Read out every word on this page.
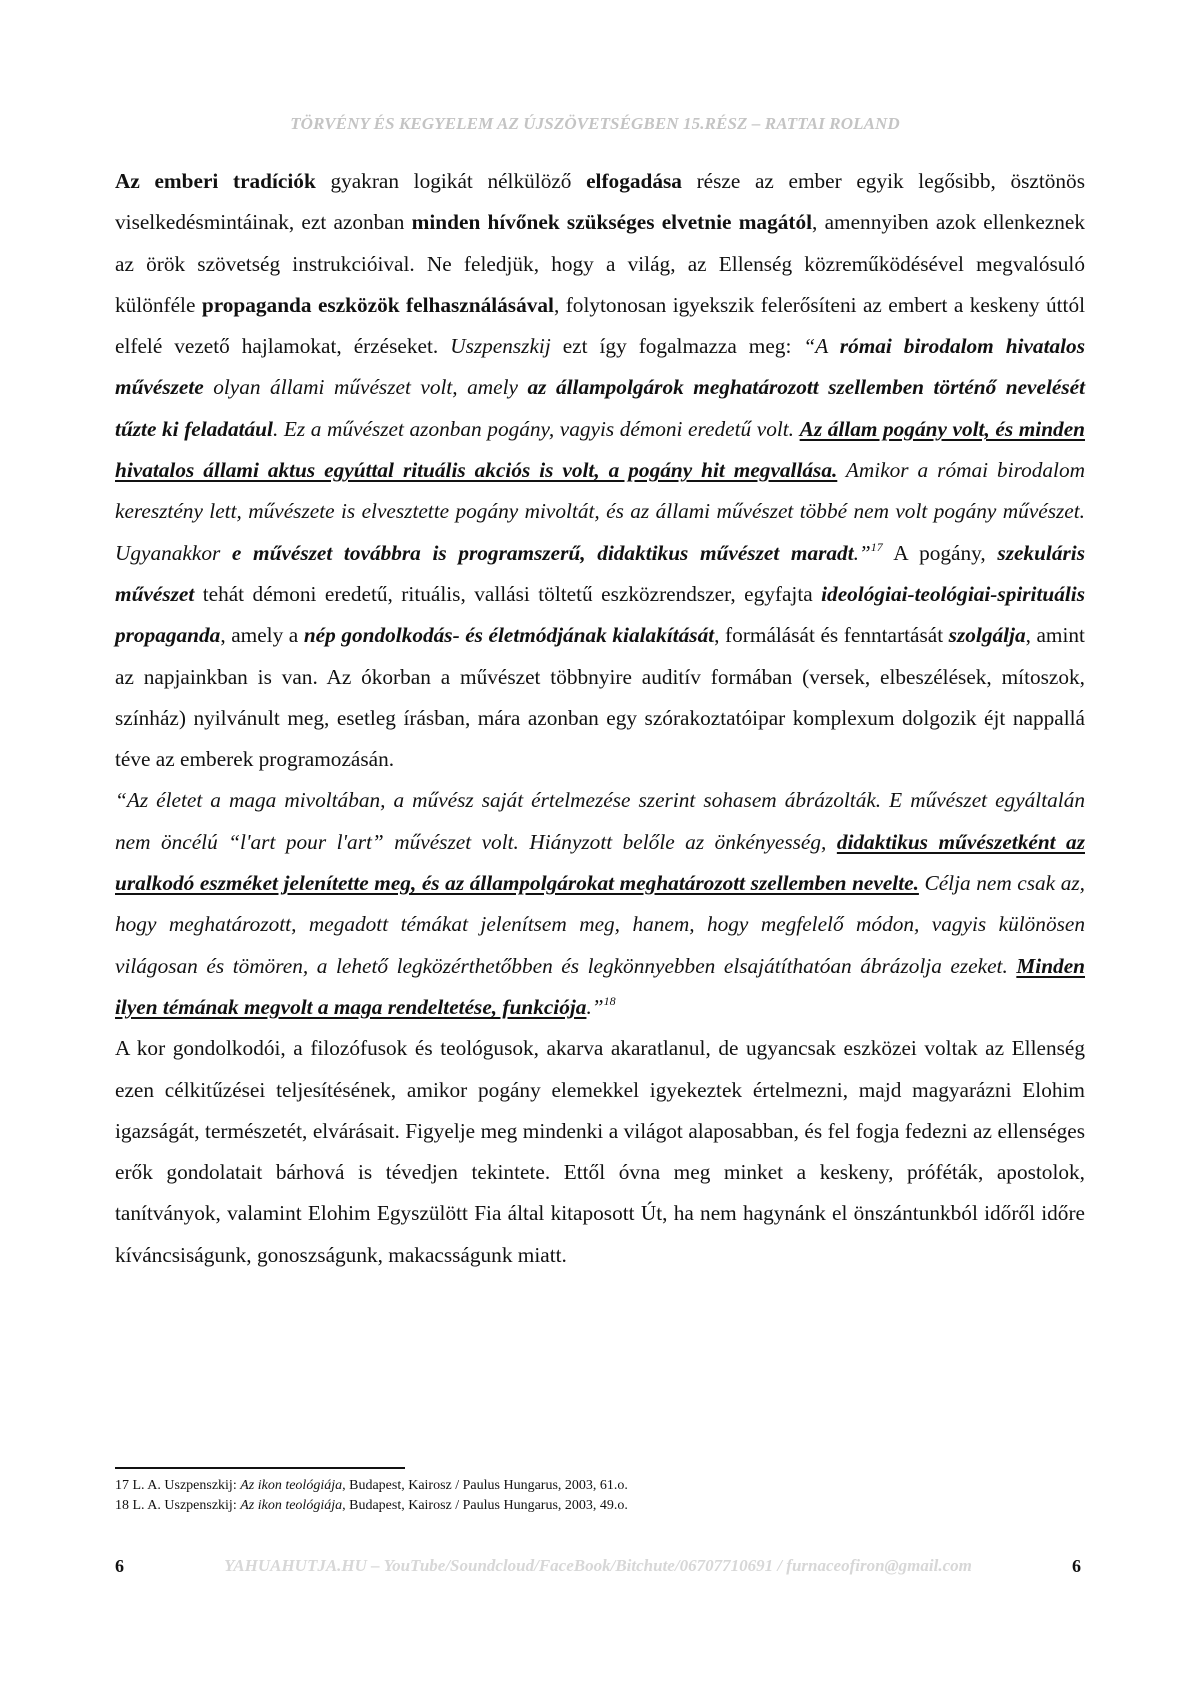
TÖRVÉNY ÉS KEGYELEM AZ ÚJSZÖVETSÉGBEN 15.RÉSZ – RATTAI ROLAND

Az emberi tradíciók gyakran logikát nélkülöző elfogadása része az ember egyik legősibb, ösztönös viselkedésmintáinak, ezt azonban minden hívőnek szükséges elvetnie magától, amennyiben azok ellenkeznek az örök szövetség instrukcióival. Ne feledjük, hogy a világ, az Ellenség közreműködésével megvalósuló különféle propaganda eszközök felhasználásával, folytonosan igyekszik felerősíteni az embert a keskeny úttól elfelé vezető hajlamokat, érzéseket. Uszpenszkij ezt így fogalmazza meg: “A római birodalom hivatalos művészete olyan állami művészet volt, amely az állampolgárok meghatározott szellemben történő nevelését tűzte ki feladatául. Ez a művészet azonban pogány, vagyis démoni eredetű volt. Az állam pogány volt, és minden hivatalos állami aktus egyúttal rituális akciós is volt, a pogány hit megvallása. Amikor a római birodalom keresztény lett, művészete is elvesztette pogány mivoltát, és az állami művészet többé nem volt pogány művészet. Ugyanakkor e művészet továbbra is programszerű, didaktikus művészet maradt.”$^{17}$ A pogány, szekuláris művészet tehát démoni eredetű, rituális, vallási töltetű eszközrendszer, egyfajta ideológiai-teológiai-spirituális propaganda, amely a nép gondolkodás- és életmódjának kialakítását, formálását és fenntartását szolgálja, amint az napjainkban is van. Az ókorban a művészet többnyire auditív formában (versek, elbeszélések, mítoszok, színház) nyilvánult meg, esetleg írásban, mára azonban egy szórakoztatóipar komplexum dolgozik éjt nappallá téve az emberek programozásán.

“Az életet a maga mivoltában, a művész saját értelmezése szerint sohasem ábrázolták. E művészet egyáltalán nem öncélú “l'art pour l'art” művészet volt. Hiányzott belőle az önkényesség, didaktikus művészetként az uralkodó eszméket jelenítette meg, és az állampolgárokat meghatározott szellemben nevelte. Célja nem csak az, hogy meghatározott, megadott témákat jelenítsem meg, hanem, hogy megfelelő módon, vagyis különösen világosan és tömören, a lehető legközérthetőbben és legkönnyebben elsajátíthatóan ábrázolja ezeket. Minden ilyen témának megvolt a maga rendeltetése, funkciója.”$^{18}$

A kor gondolkodói, a filozófusok és teológusok, akarva akaratlanul, de ugyancsak eszközei voltak az Ellenség ezen célkitűzései teljesítésének, amikor pogány elemekkel igyekeztek értelmezni, majd magyarázni Elohim igazságát, természetét, elvárásait. Figyelje meg mindenki a világot alaposabban, és fel fogja fedezni az ellenséges erők gondolatait bárhová is tévedjen tekintete. Ettől óvna meg minket a keskeny, próféták, apostolok, tanítványok, valamint Elohim Egyszülött Fia által kitaposott Út, ha nem hagynánk el önszántunkból időről időre kíváncsiságunk, gonoszságunk, makacsságunk miatt.

17 L. A. Uszpenszkij: Az ikon teológiája, Budapest, Kairosz / Paulus Hungarus, 2003, 61.o.
18 L. A. Uszpenszkij: Az ikon teológiája, Budapest, Kairosz / Paulus Hungarus, 2003, 49.o.
6	YAHUAHUTJA.HU – YouTube/Soundcloud/FaceBook/Bitchute/06707710691 / furnaceofiron@gmail.com	6
